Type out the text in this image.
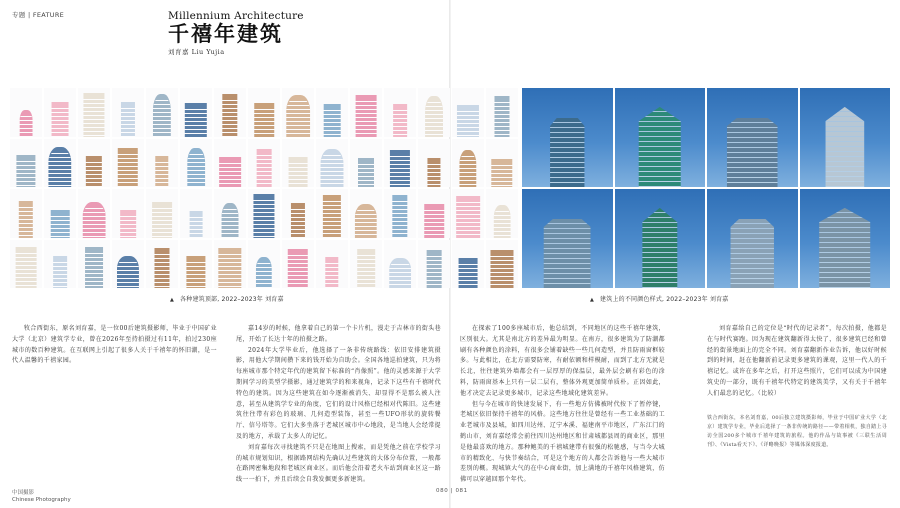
专题 | FEATURE	Millennium Architecture
千禧年建筑
刘育嘉 Liu Yujia
▲ 各种建筑顶部, 2022–2023年 刘育嘉	▲ 建筑上的不同颜色样式, 2022–2023年 刘育嘉

牧合西街东，原名刘育嘉，是一位00后建筑摄影师，毕业于中国矿业大学（北京）建筑学专业，曾在2026年至持拍摄过有11年，拍过230座城市的数百种建筑。在互联网上引起了很多人关于千禧年的怀旧潮，是一代人温馨的千禧家园。

嘉14岁的时候，他拿着自己的第一个卡片机，漫走于吉林市的街头巷尾，开始了长达十年的拍摄之路。

2024年大学毕业后，他选择了一条非传统路线：依旧安排建筑摄影，用他大学期间攒下来的钱开始为自助会。全国各地巡拍建筑，只为将每座城市那个特定年代的建筑留下标准的“肖像照”。他的灵感来源于大学期间学习的美型学摄影，通过建筑学的和来视角，记录下这些有千禧时代特色的建筑。因为这些建筑在如今逐渐被消失、却显得不是那么被人注意，甚至从建筑学专业的角度，它们的设计风格已经相对代陈旧。这些建筑往往带有彩色的玻璃、几何造型装饰，甚至一些UFO形状的旋转餐厅、信号塔等。它们大多坐落于老城区城市中心地段，是当地人会经常提及的地方，承载了太多人的记忆。

刘育嘉每次寻找建筑不只是在地图上搜索，而是凭他之前在学校学习的城市规划知识，根据路网结构先确认过些建筑的大体分布位置，一般都在路网密集地段和老城区商业区。而后他会沿着老火车站到商业区这一路线一一拍下，并且后续会自我发掘更多新建筑。

在探索了100多座城市后，他总结到，不同地区的这些千禧年建筑，区别很大。尤其是南北方的差异最为明显。在南方，很多建筑为了防潮都刷有各种颜色的涂料，有很多会铺着缺些一些几何造型，并且防雨窗框较多。与此相比，在北方需要防寒，有耐依额和样模耐，而到了北方无就是长北，往往建筑外墙都会有一层厚厚的保温层，最外层会刷有彩色的涂料，防雨窗基本上只有一层二层有，整体外观更加简单质朴。正因如此，他才决定去记录更多城市，记录这些地域化建筑差异。

但与今在城市的快速发展下，有一些地方仿佛被时代按下了暂停键，老城区依旧保持千禧年的风格。这些地方往往是曾经有一些工业基础的工业老城市及县城，如四川达州、辽宁本溪、福建南平市地区，广东江门的鹤山市，刘育嘉经常会前往四川达州地区和甘肃城都县周的商业区，那里是他最喜欢的地方。那种鲍美的千禧城建带有很强的松驰感，与当今大城市的精致化、与快节奏结合，可是这个地方的人都会告诉他与一些大城市差别的概。现城镇大气的在中心商业街，加上满地的千禧年风格建筑，仿佛可以穿越回那个年代。

刘育嘉给自己的定位是“时代的记录者”，每次拍摄，他都是在与时代赛跑。因为现在建筑翻新得太快了，很多建筑已经和曾经的街景地面上的完全不同。刘育嘉翻新作业告诉，他以好时候到的时间，赶在他翻新前记录更多建筑的课观，这里一代人的千禧记忆。或许在多年之后，打开这些照片，它们可以成为中国建筑史的一部分，既有千禧年代特定的建筑美学，又有关于千禧年人们最忠的记忆。（比较）

铁合西街东，本名刘育嘉，00后独立建筑摄影师，毕业于中国矿业大学（北京）建筑学专业，毕业后选择了一条非传统的路径——带着相机，独自踏上寻访全国200多个城市千禧年建筑的旅程。他的作品与故事被《三联生活周刊》、《Vista看天下》、《详略晚报》等媒体深度报道。
中国摄影
Chinese Photography
080 | 081
